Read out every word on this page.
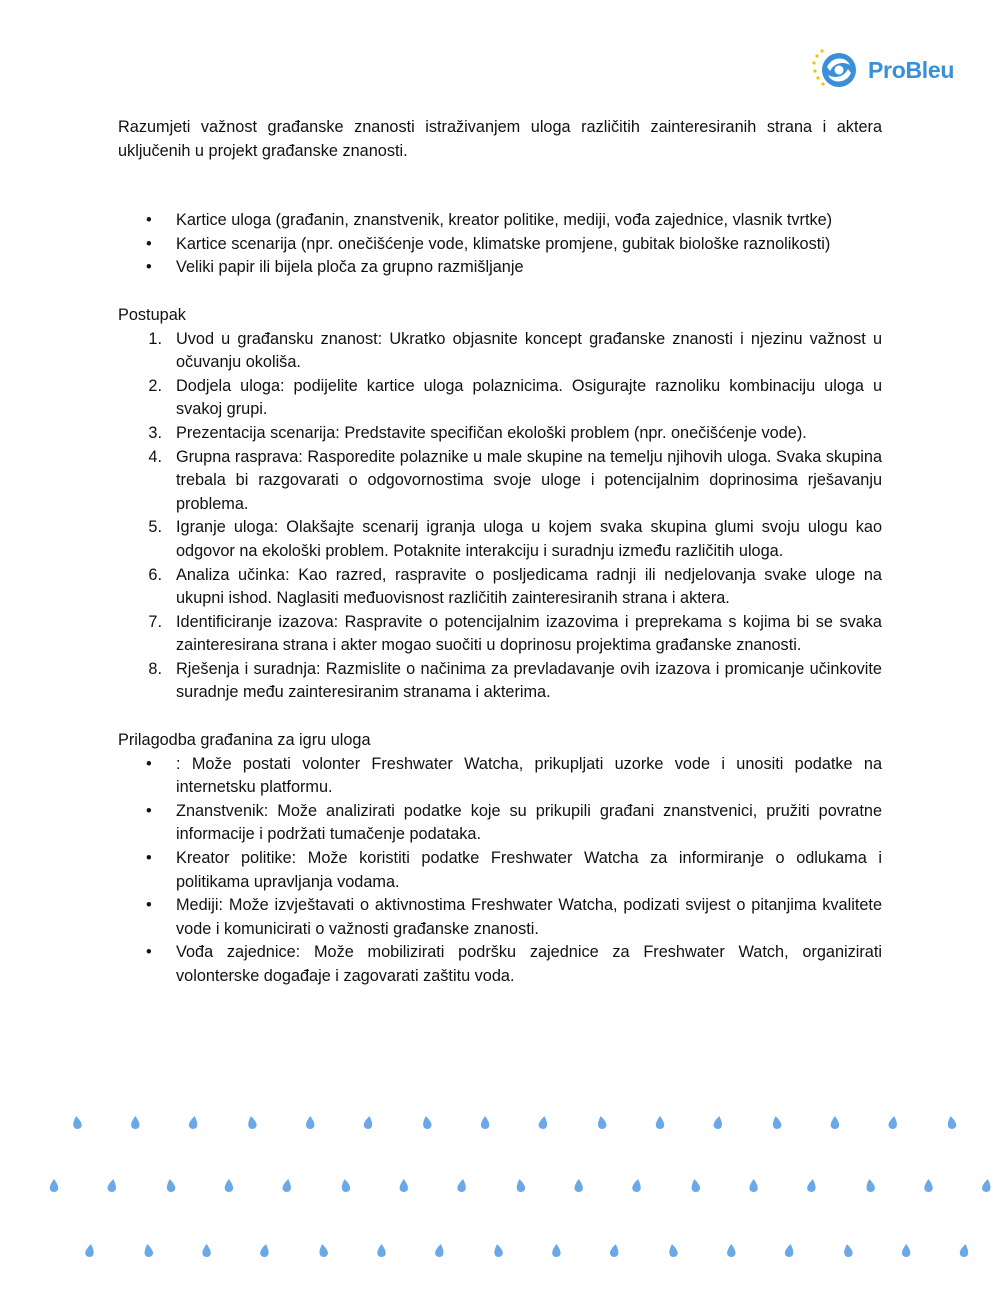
ProBleu

Razumjeti važnost građanske znanosti istraživanjem uloga različitih zainteresiranih strana i aktera uključenih u projekt građanske znanosti.

• Kartice uloga (građanin, znanstvenik, kreator politike, mediji, vođa zajednice, vlasnik tvrtke)
• Kartice scenarija (npr. onečišćenje vode, klimatske promjene, gubitak biološke raznolikosti)
• Veliki papir ili bijela ploča za grupno razmišljanje

Postupak

1. Uvod u građansku znanost: Ukratko objasnite koncept građanske znanosti i njezinu važnost u očuvanju okoliša.
2. Dodjela uloga: podijelite kartice uloga polaznicima. Osigurajte raznoliku kombinaciju uloga u svakoj grupi.
3. Prezentacija scenarija: Predstavite specifičan ekološki problem (npr. onečišćenje vode).
4. Grupna rasprava: Rasporedite polaznike u male skupine na temelju njihovih uloga. Svaka skupina trebala bi razgovarati o odgovornostima svoje uloge i potencijalnim doprinosima rješavanju problema.
5. Igranje uloga: Olakšajte scenarij igranja uloga u kojem svaka skupina glumi svoju ulogu kao odgovor na ekološki problem. Potaknite interakciju i suradnju između različitih uloga.
6. Analiza učinka: Kao razred, raspravite o posljedicama radnji ili nedjelovanja svake uloge na ukupni ishod. Naglasiti međuovisnost različitih zainteresiranih strana i aktera.
7. Identificiranje izazova: Raspravite o potencijalnim izazovima i preprekama s kojima bi se svaka zainteresirana strana i akter mogao suočiti u doprinosu projektima građanske znanosti.
8. Rješenja i suradnja: Razmislite o načinima za prevladavanje ovih izazova i promicanje učinkovite suradnje među zainteresiranim stranama i akterima.

Prilagodba građanina za igru uloga

• : Može postati volonter Freshwater Watcha, prikupljati uzorke vode i unositi podatke na internetsku platformu.
• Znanstvenik: Može analizirati podatke koje su prikupili građani znanstvenici, pružiti povratne informacije i podržati tumačenje podataka.
• Kreator politike: Može koristiti podatke Freshwater Watcha za informiranje o odlukama i politikama upravljanja vodama.
• Mediji: Može izvještavati o aktivnostima Freshwater Watcha, podizati svijest o pitanjima kvalitete vode i komunicirati o važnosti građanske znanosti.
• Vođa zajednice: Može mobilizirati podršku zajednice za Freshwater Watch, organizirati volonterske događaje i zagovarati zaštitu voda.
